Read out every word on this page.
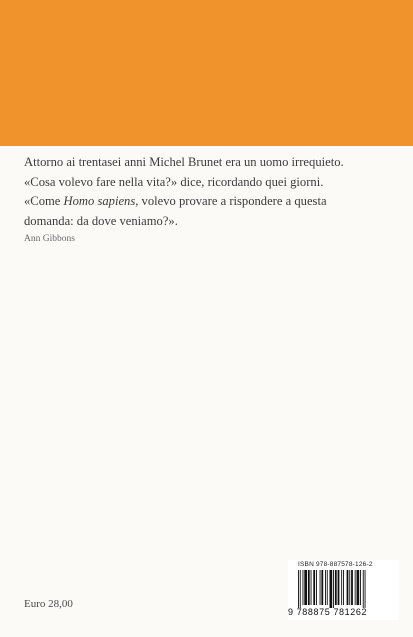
Attorno ai trentasei anni Michel Brunet era un uomo irrequieto.

«Cosa volevo fare nella vita?» dice, ricordando quei giorni.

«Come Homo sapiens, volevo provare a rispondere a questa

domanda: da dove veniamo?».

Ann Gibbons
Euro 28,00
ISBN 978-887578-126-2
9 788875 781262
